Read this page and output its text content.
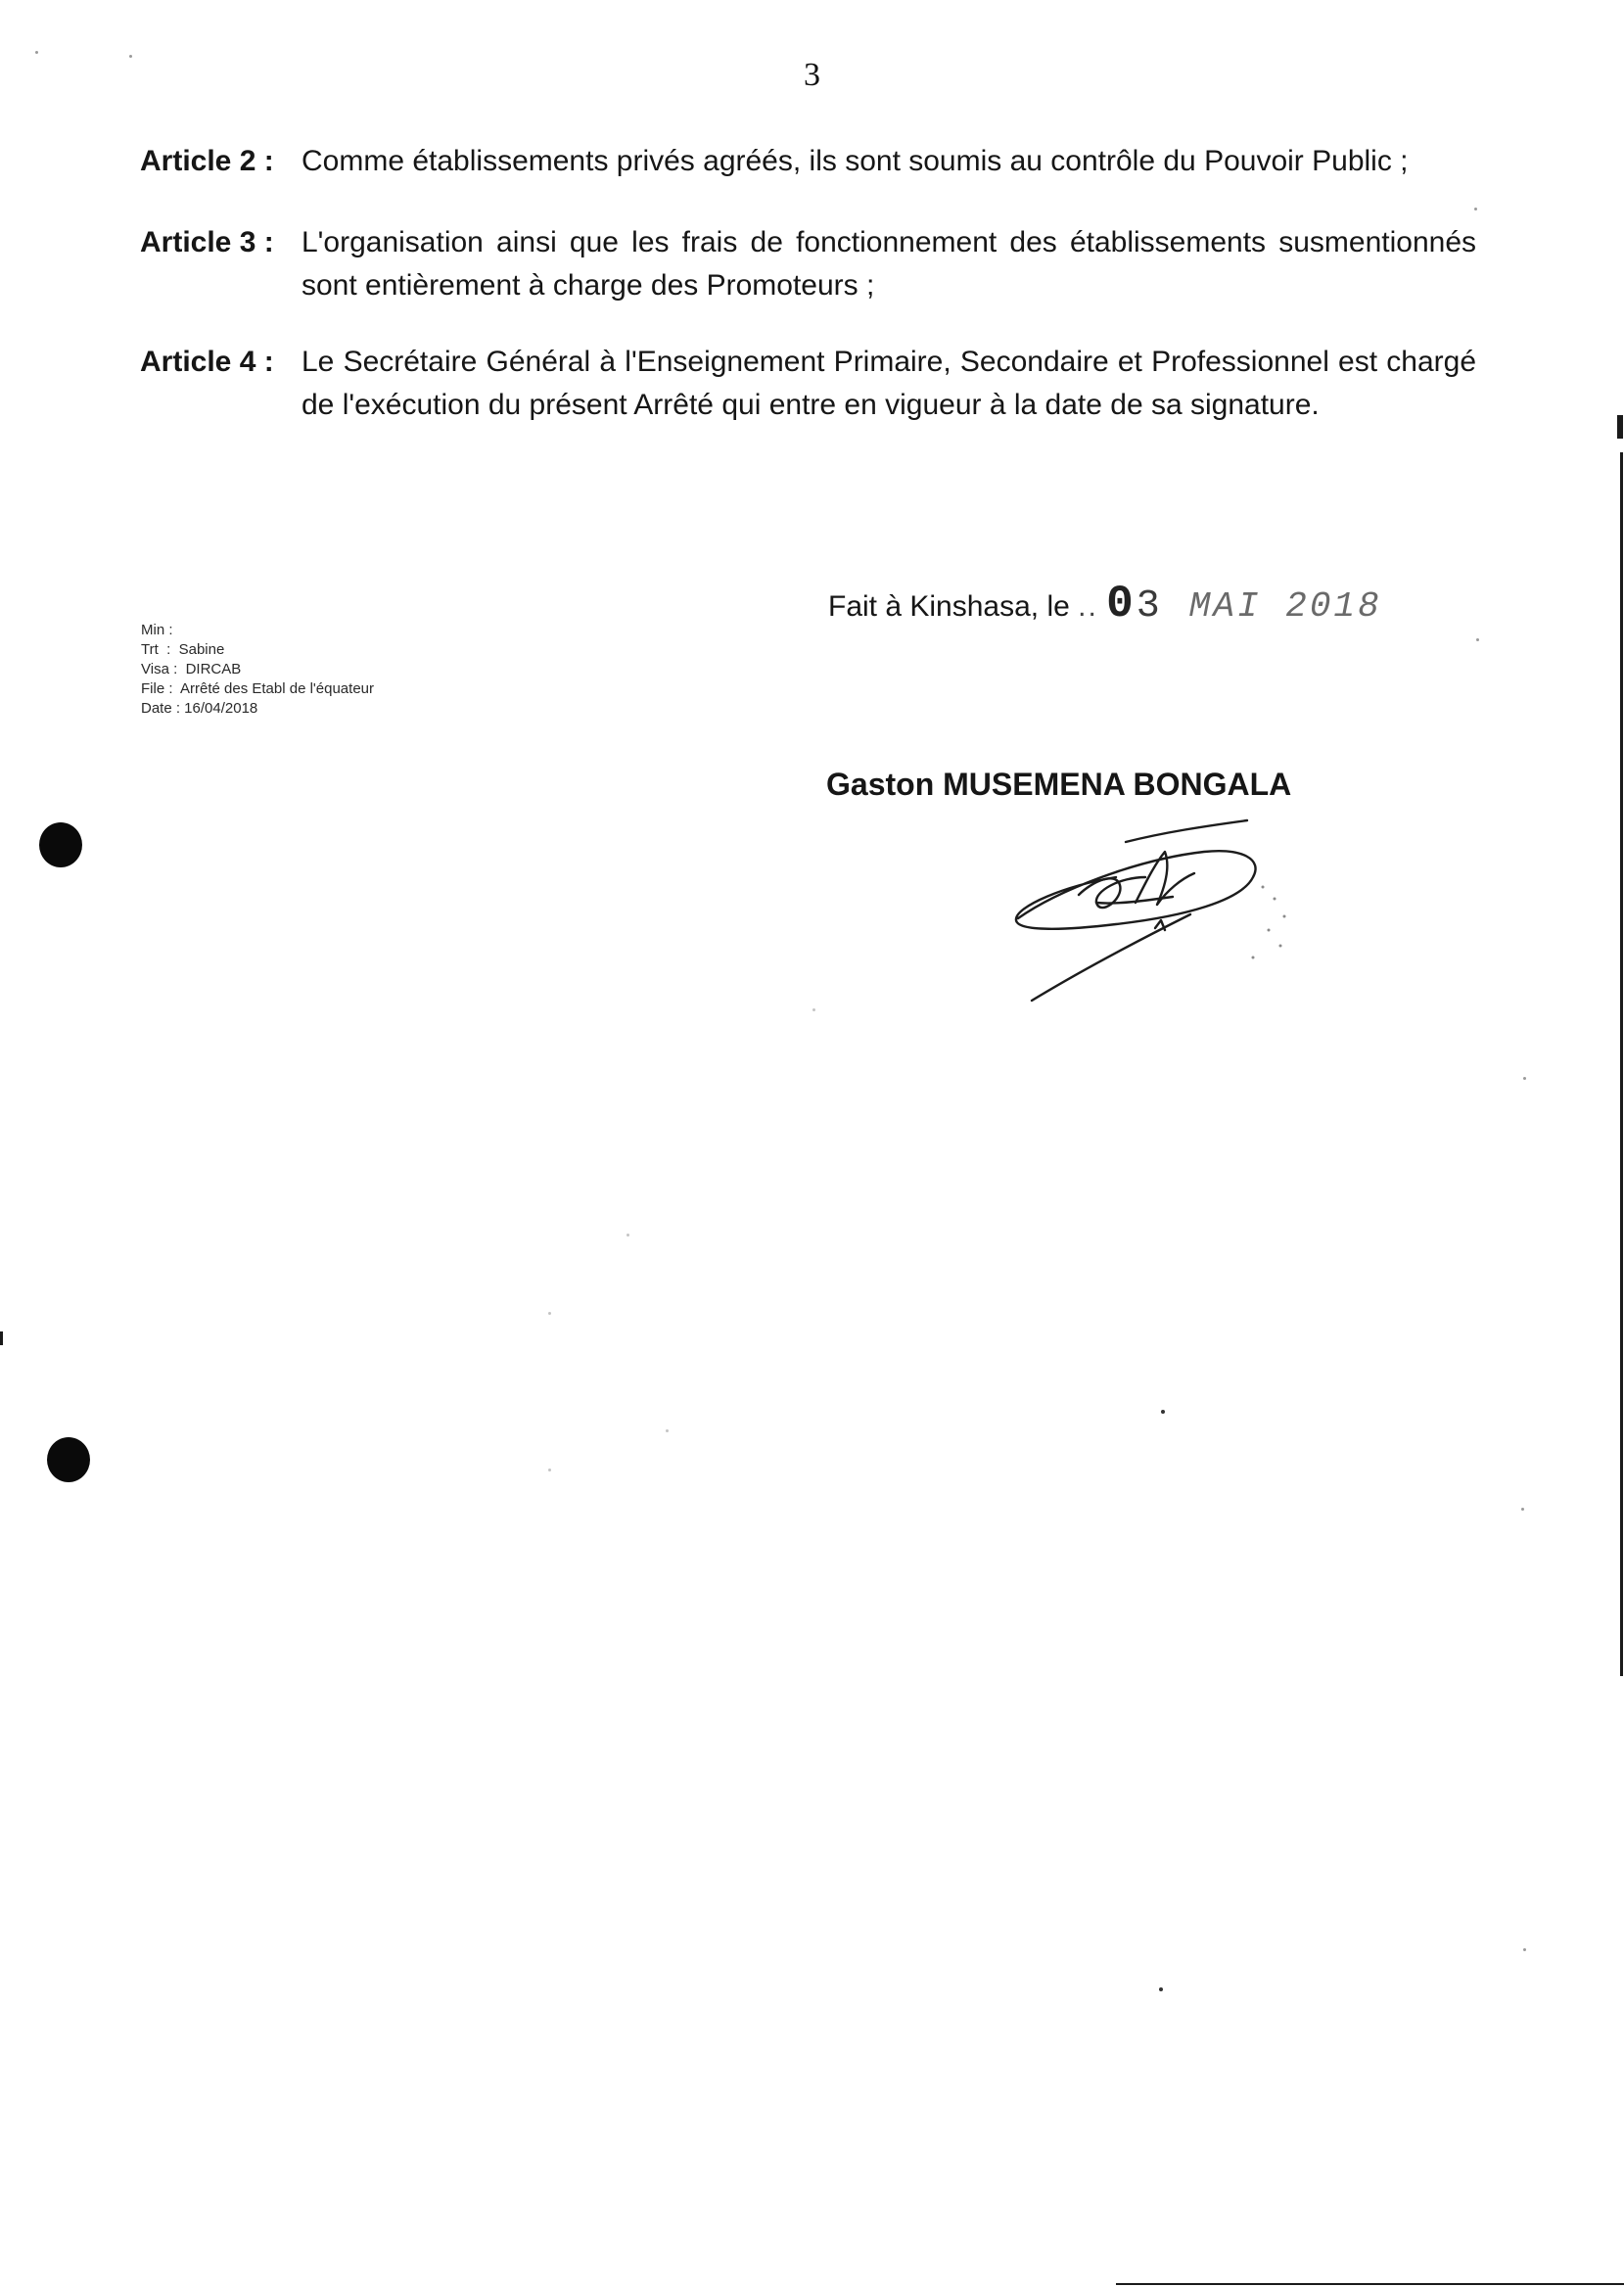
3
Article 2 : Comme établissements privés agréés, ils sont soumis au contrôle du Pouvoir Public ;
Article 3 : L'organisation ainsi que les frais de fonctionnement des établissements susmentionnés sont entièrement à charge des Promoteurs ;
Article 4 : Le Secrétaire Général à l'Enseignement Primaire, Secondaire et Professionnel est chargé de l'exécution du présent Arrêté qui entre en vigueur à la date de sa signature.
Fait à Kinshasa, le .. 03 MAI 2018
Min :
Trt  :  Sabine
Visa :  DIRCAB
File :  Arrêté des Etabl de l'équateur
Date : 16/04/2018
Gaston MUSEMENA BONGALA
